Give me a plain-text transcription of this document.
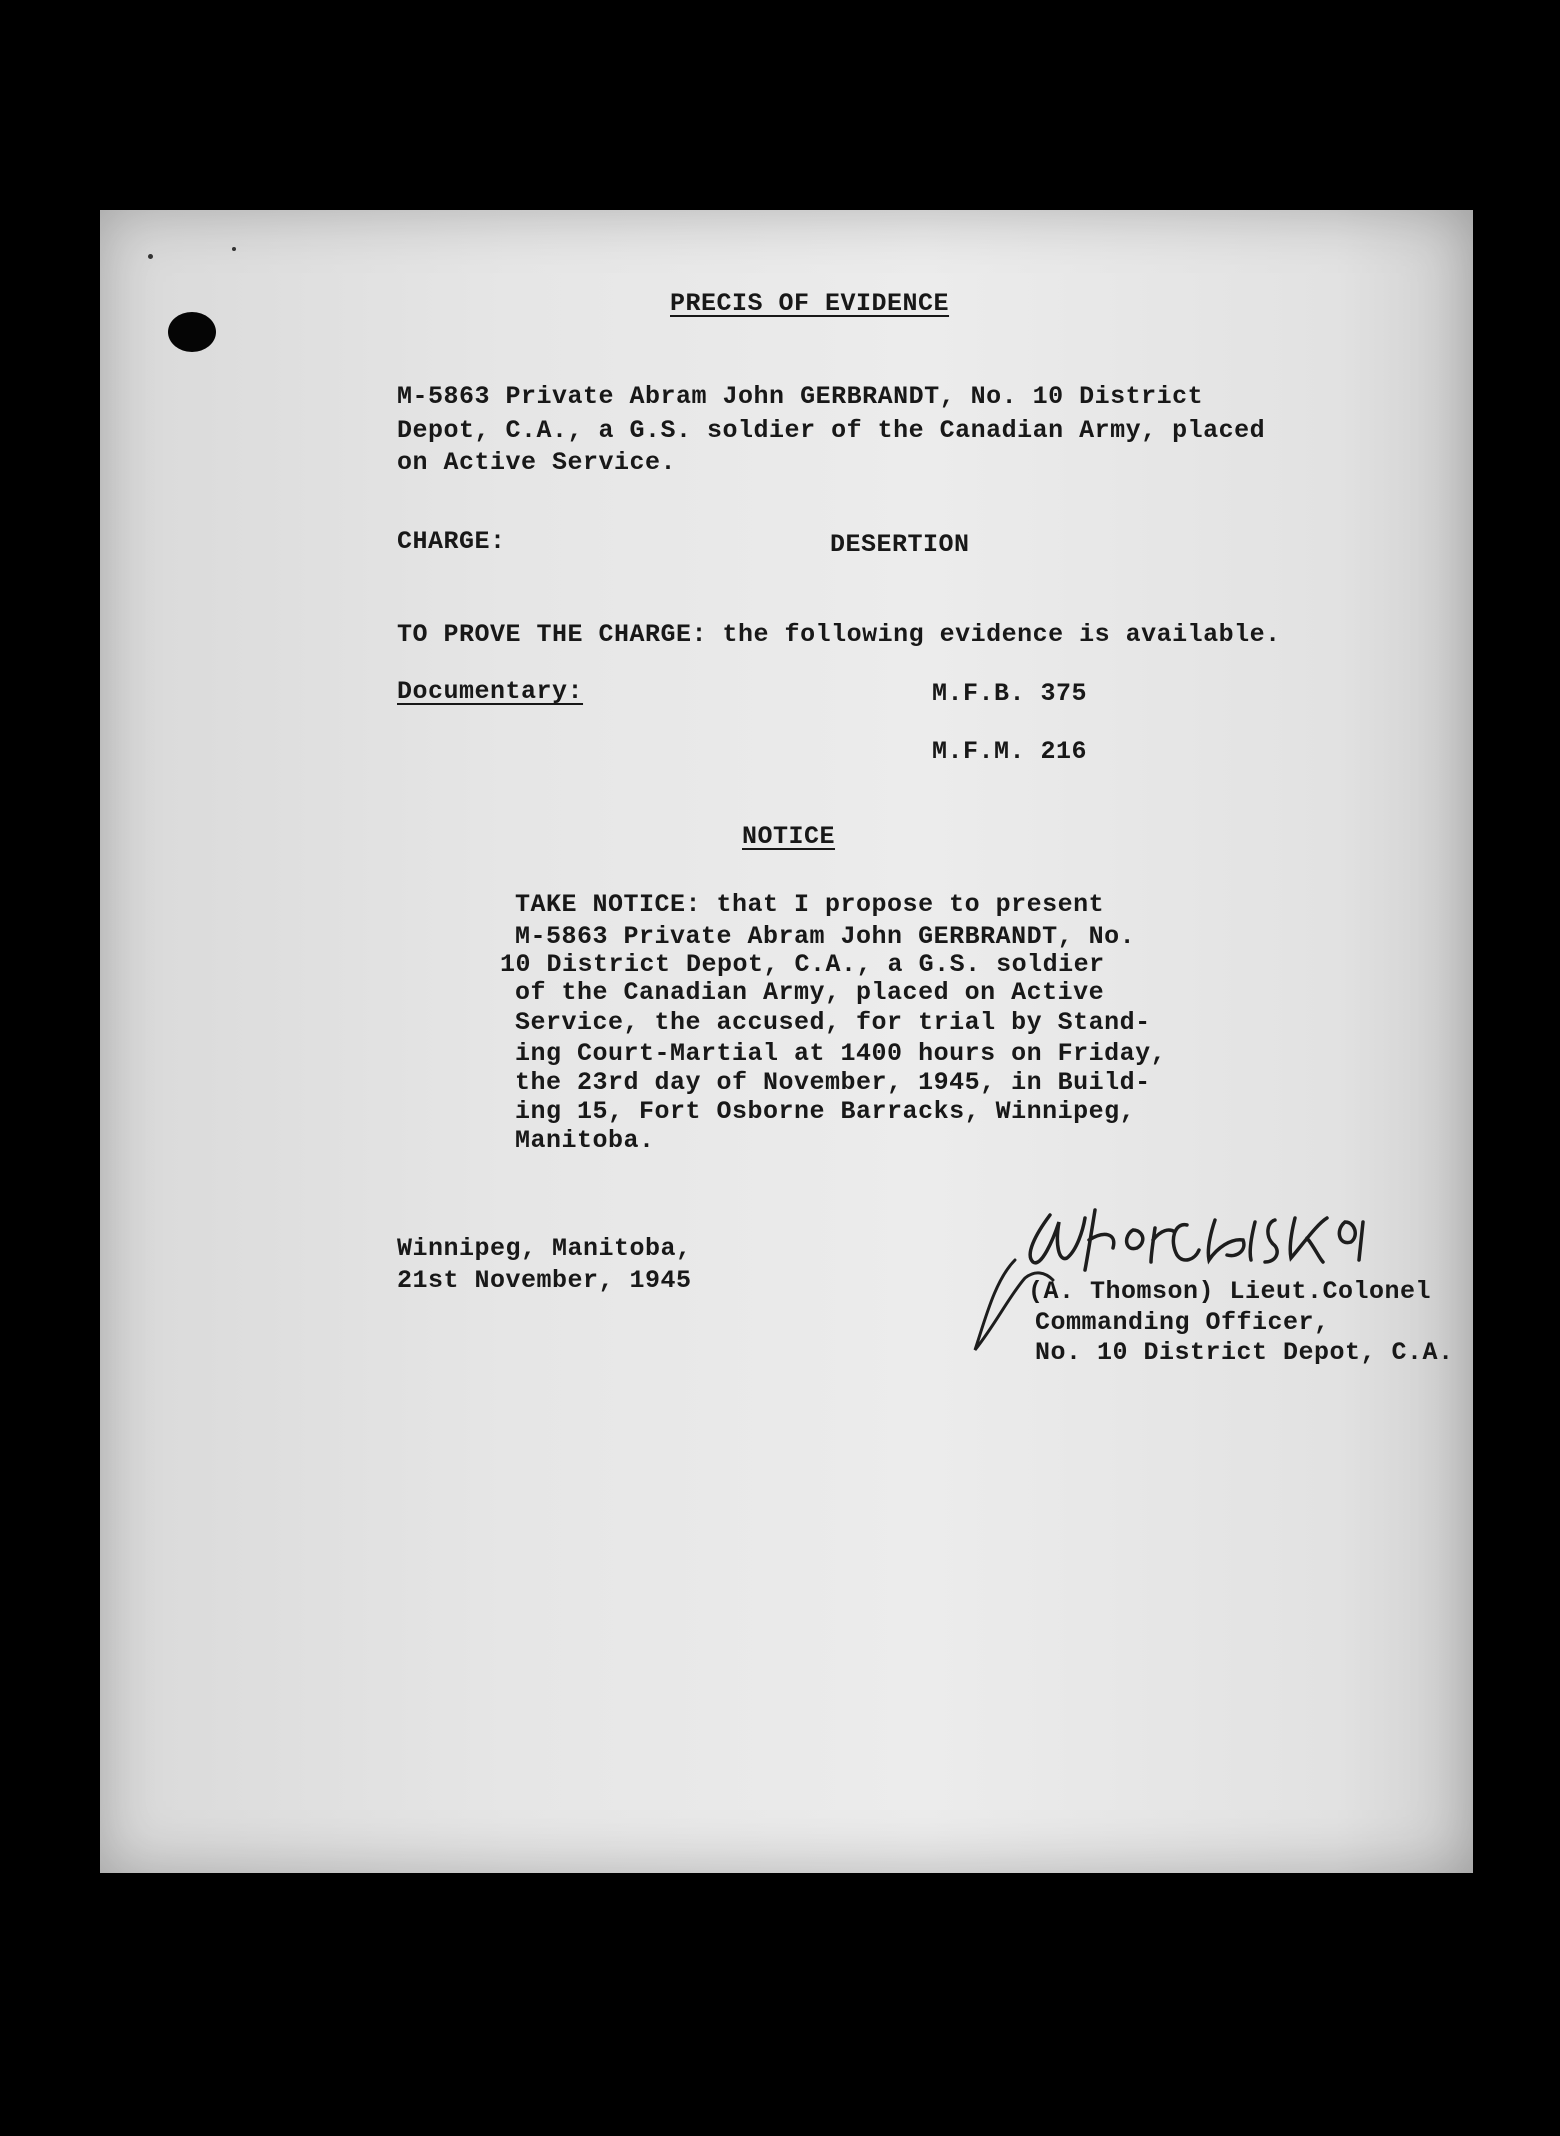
PRECIS OF EVIDENCE
M-5863 Private Abram John GERBRANDT, No. 10 District
Depot, C.A., a G.S. soldier of the Canadian Army, placed
on Active Service.
CHARGE:	DESERTION
TO PROVE THE CHARGE: the following evidence is available.
Documentary:	M.F.B. 375
M.F.M. 216
NOTICE
TAKE NOTICE: that I propose to present
M-5863 Private Abram John GERBRANDT, No.
10 District Depot, C.A., a G.S. soldier
of the Canadian Army, placed on Active
Service, the accused, for trial by Stand-
ing Court-Martial at 1400 hours on Friday,
the 23rd day of November, 1945, in Build-
ing 15, Fort Osborne Barracks, Winnipeg,
Manitoba.
Winnipeg, Manitoba,
21st November, 1945	(A. Thomson) Lieut.Colonel
Commanding Officer,
No. 10 District Depot, C.A.
